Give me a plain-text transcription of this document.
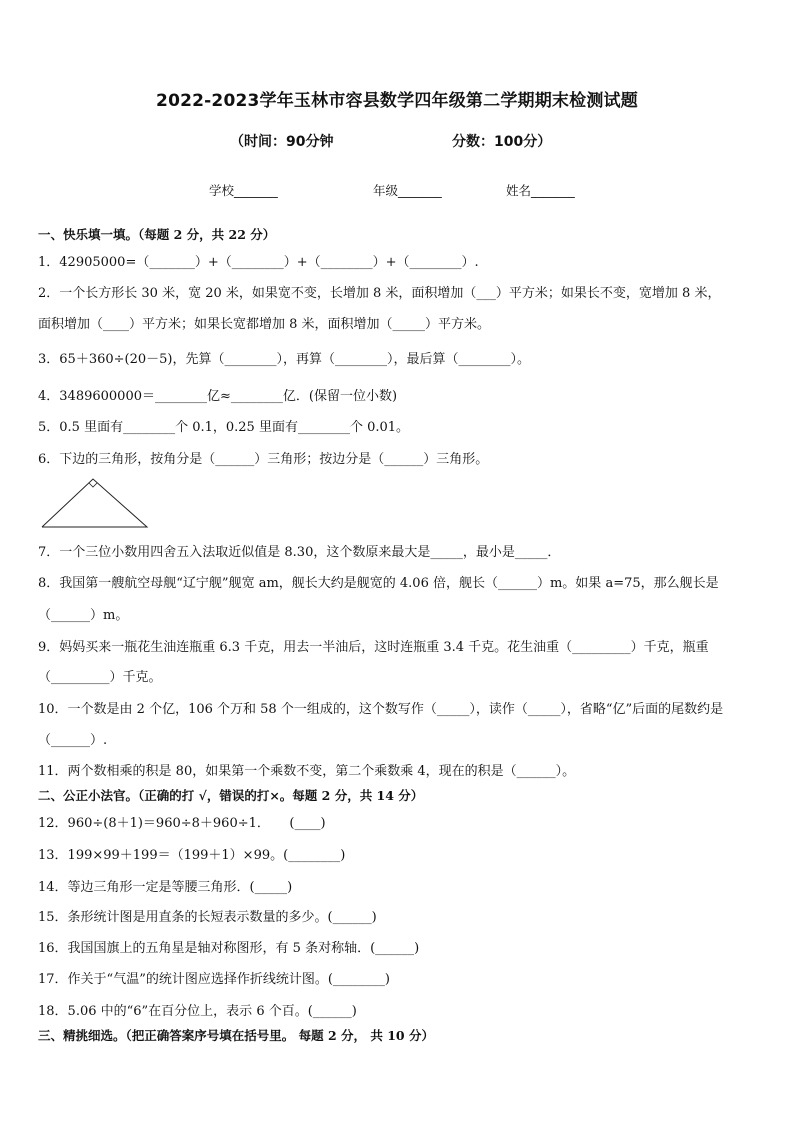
2022-2023学年玉林市容县数学四年级第二学期期末检测试题
（时间：90分钟	分数：100分）
学校_______	年级_______	姓名_______
一、快乐填一填。（每题 2 分，共 22 分）
1．42905000=（_______）+（________）+（________）+（________）.
2．一个长方形长 30 米，宽 20 米，如果宽不变，长增加 8 米，面积增加（___）平方米；如果长不变，宽增加 8 米，
面积增加（____）平方米；如果长宽都增加 8 米，面积增加（_____）平方米。
3．65＋360÷(20－5)，先算（________），再算（________），最后算（________）。
4．3489600000＝________亿≈________亿．(保留一位小数)
5．0.5 里面有________个 0.1，0.25 里面有________个 0.01。
6．下边的三角形，按角分是（______）三角形；按边分是（______）三角形。
7．一个三位小数用四舍五入法取近似值是 8.30，这个数原来最大是_____，最小是_____．
8．我国第一艘航空母舰“辽宁舰”舰宽 am，舰长大约是舰宽的 4.06 倍，舰长（______）m。如果 a=75，那么舰长是
（______）m。
9．妈妈买来一瓶花生油连瓶重 6.3 千克，用去一半油后，这时连瓶重 3.4 千克。花生油重（_________）千克，瓶重
（_________）千克。
10．一个数是由 2 个亿，106 个万和 58 个一组成的，这个数写作（_____），读作（_____），省略“亿”后面的尾数约是
（______）.
11．两个数相乘的积是 80，如果第一个乘数不变，第二个乘数乘 4，现在的积是（______）。
二、公正小法官。（正确的打 √，错误的打×。每题 2 分，共 14 分）
12．960÷(8＋1)＝960÷8＋960÷1．　　(____)
13．199×99＋199＝（199＋1）×99。(________)
14．等边三角形一定是等腰三角形．(_____)
15．条形统计图是用直条的长短表示数量的多少。(______)
16．我国国旗上的五角星是轴对称图形，有 5 条对称轴．(______)
17．作关于“气温”的统计图应选择作折线统计图。(________)
18．5.06 中的“6”在百分位上，表示 6 个百。(______)
三、精挑细选。（把正确答案序号填在括号里。 每题 2 分， 共 10 分）
